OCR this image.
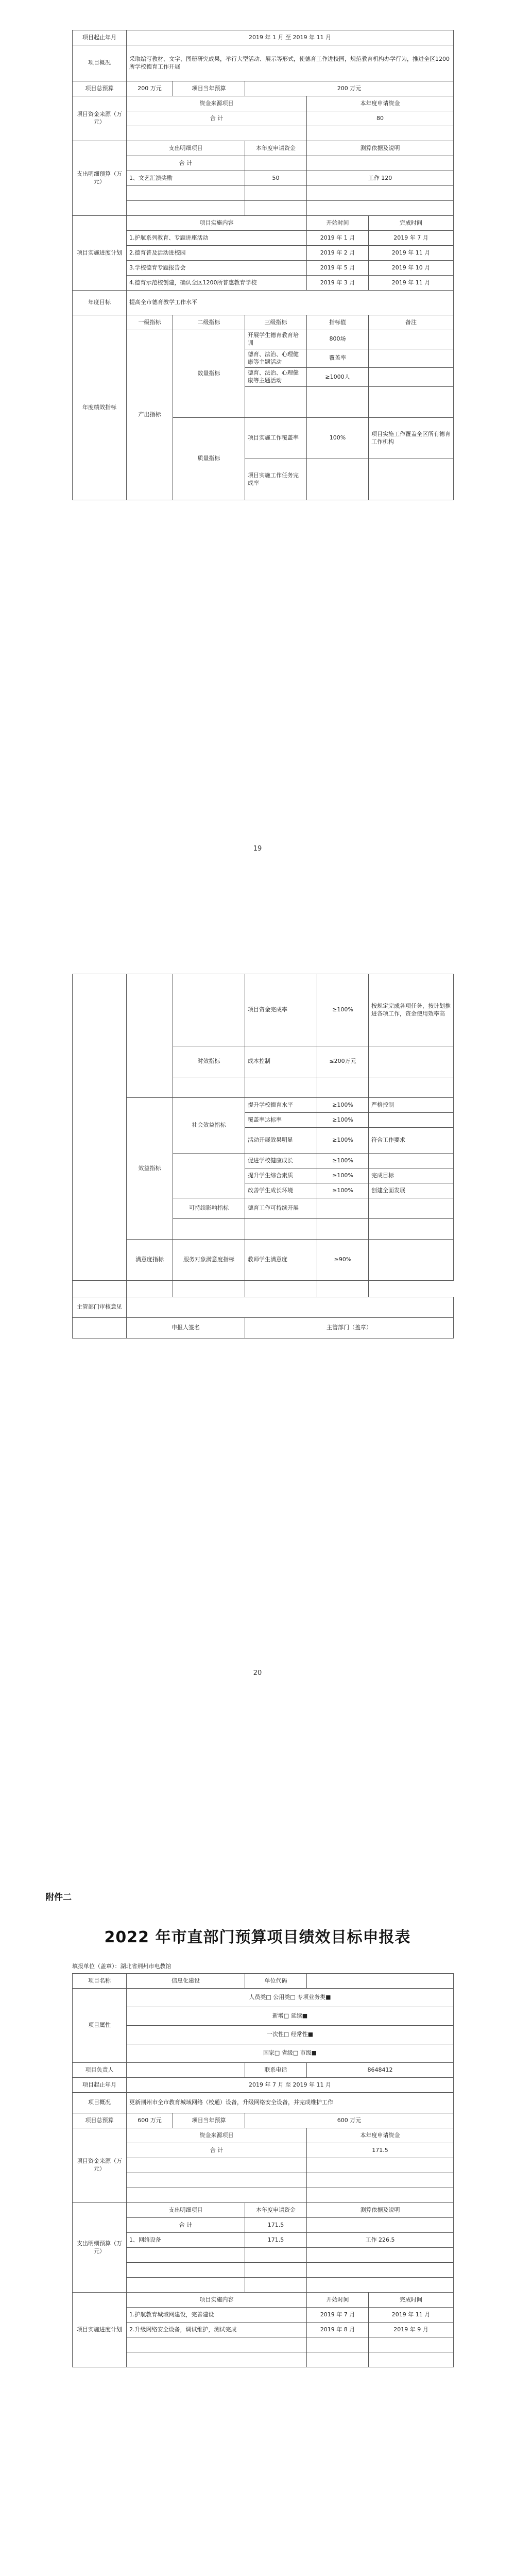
项目起止年月	2019 年 1 月 至 2019 年 11 月				
项目概况	采取编写教材、文字、图册研究成果，举行大型活动、展示等形式，使德育工作进校园，规范教育机构办学行为，推进全区1200所学校德育工作开展				
项目总预算	200 万元	项目当年预算	200 万元		
项目资金来源（万元）	资金来源项目			本年度申请资金	
	合 计			80	

支出明细预算（万元）	支出明细项目		本年度申请资金	测算依据及说明	
	合 计				
	1、文艺汇演奖励		50	工作 120	

项目实施进度计划	项目实施内容			开始时间	完成时间
	1.护航系列教育、专题讲座活动			2019 年 1 月	2019 年 7 月
	2.德育普及活动进校园			2019 年 2 月	2019 年 11 月
	3.学校德育专题报告会			2019 年 5 月	2019 年 10 月
	4.德育示范校创建，确认全区1200所普惠教育学校			2019 年 3 月	2019 年 11 月
年度目标	提高全市德育教学工作水平				
年度绩效指标	一级指标	二级指标	三级指标	指标值	备注
	产出指标	数量指标	开展学生德育教育培训	800场	
			德育、法治、心理健康等主题活动	覆盖率	
			德育、法治、心理健康等主题活动	≥1000人	

		质量指标	项目实施工作覆盖率	100%	项目实施工作覆盖全区所有德育工作机构
			项目实施工作任务完成率		
19
			项目资金完成率	≥100%	按规定完成各项任务，按计划推进各项工作，资金使用效率高
		时效指标	成本控制	≤200万元	

	效益指标	社会效益指标	提升学校德育水平	≥100%	严格控制
			覆盖率达标率	≥100%	
			活动开展效果明显	≥100%	符合工作要求
			促进学校健康成长	≥100%	
			提升学生综合素质	≥100%	完成目标
			改善学生成长环境	≥100%	创建全面发展
		可持续影响指标	德育工作可持续开展		

	满意度指标	服务对象满意度指标	教师学生满意度	≥90%	

主管部门审核意见					
	申报人签名		主管部门（盖章）		
20
附件二
2022 年市直部门预算项目绩效目标申报表
填报单位（盖章）：湖北省荆州市电教馆
项目名称	信息化建设		单位代码		
项目属性	人员类□ 公用类□ 专项业务类■				
	新增□ 延续■				
	一次性□ 经常性■				
	国家□ 省级□ 市级■				
项目负责人			联系电话	8648412	
项目起止年月	2019 年 7 月 至 2019 年 11 月				
项目概况	更新荆州市全市教育城域网络（校通）设备，升级网络安全设备，并完成维护工作				
项目总预算	600 万元	项目当年预算	600 万元		
项目资金来源（万元）	资金来源项目			本年度申请资金	
	合 计			171.5	

支出明细预算（万元）	支出明细项目		本年度申请资金	测算依据及说明	
	合 计		171.5		
	1、网络设备		171.5	工作 226.5	

项目实施进度计划	项目实施内容			开始时间	完成时间
	1.护航教育城域网建设，完善建设			2019 年 7 月	2019 年 11 月
	2.升级网络安全设备，调试维护，测试完成			2019 年 8 月	2019 年 9 月
